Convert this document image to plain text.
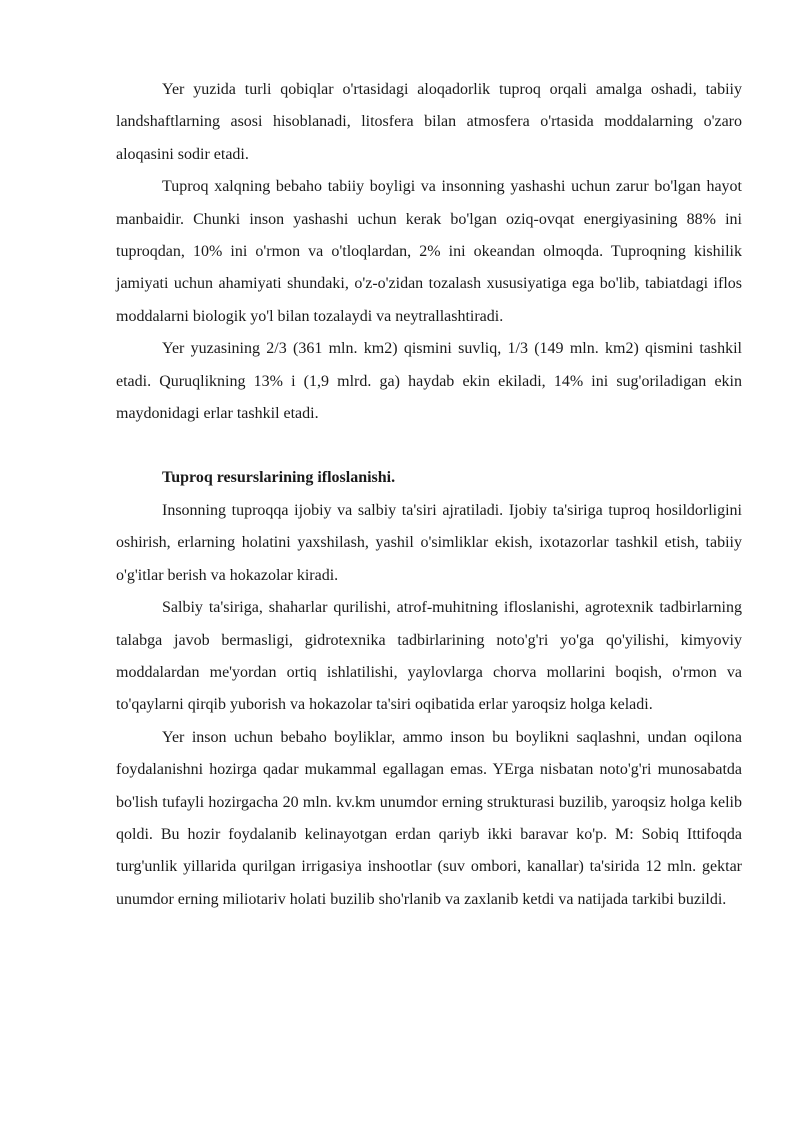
Yer yuzida turli qobiqlar o'rtasidagi aloqadorlik tuproq orqali amalga oshadi, tabiiy landshaftlarning asosi hisoblanadi, litosfera bilan atmosfera o'rtasida moddalarning o'zaro aloqasini sodir etadi.

Tuproq xalqning bebaho tabiiy boyligi va insonning yashashi uchun zarur bo'lgan hayot manbaidir. Chunki inson yashashi uchun kerak bo'lgan oziq-ovqat energiyasining 88% ini tuproqdan, 10% ini o'rmon va o'tloqlardan, 2% ini okeandan olmoqda. Tuproqning kishilik jamiyati uchun ahamiyati shundaki, o'z-o'zidan tozalash xususiyatiga ega bo'lib, tabiatdagi iflos moddalarni biologik yo'l bilan tozalaydi va neytrallashtiradi.

Yer yuzasining 2/3 (361 mln. km2) qismini suvliq, 1/3 (149 mln. km2) qismini tashkil etadi. Quruqlikning 13% i (1,9 mlrd. ga) haydab ekin ekiladi, 14% ini sug'oriladigan ekin maydonidagi erlar tashkil etadi.

Tuproq resurslarining ifloslanishi.

Insonning tuproqqa ijobiy va salbiy ta'siri ajratiladi. Ijobiy ta'siriga tuproq hosildorligini oshirish, erlarning holatini yaxshilash, yashil o'simliklar ekish, ixotazorlar tashkil etish, tabiiy o'g'itlar berish va hokazolar kiradi.

Salbiy ta'siriga, shaharlar qurilishi, atrof-muhitning ifloslanishi, agrotexnik tadbirlarning talabga javob bermasligi, gidrotexnika tadbirlarining noto'g'ri yo'ga qo'yilishi, kimyoviy moddalardan me'yordan ortiq ishlatilishi, yaylovlarga chorva mollarini boqish, o'rmon va to'qaylarni qirqib yuborish va hokazolar ta'siri oqibatida erlar yaroqsiz holga keladi.

Yer inson uchun bebaho boyliklar, ammo inson bu boylikni saqlashni, undan oqilona foydalanishni hozirga qadar mukammal egallagan emas. YErga nisbatan noto'g'ri munosabatda bo'lish tufayli hozirgacha 20 mln. kv.km unumdor erning strukturasi buzilib, yaroqsiz holga kelib qoldi. Bu hozir foydalanib kelinayotgan erdan qariyb ikki baravar ko'p. M: Sobiq Ittifoqda turg'unlik yillarida qurilgan irrigasiya inshootlar (suv ombori, kanallar) ta'sirida 12 mln. gektar unumdor erning miliotariv holati buzilib sho'rlanib va zaxlanib ketdi va natijada tarkibi buzildi.
